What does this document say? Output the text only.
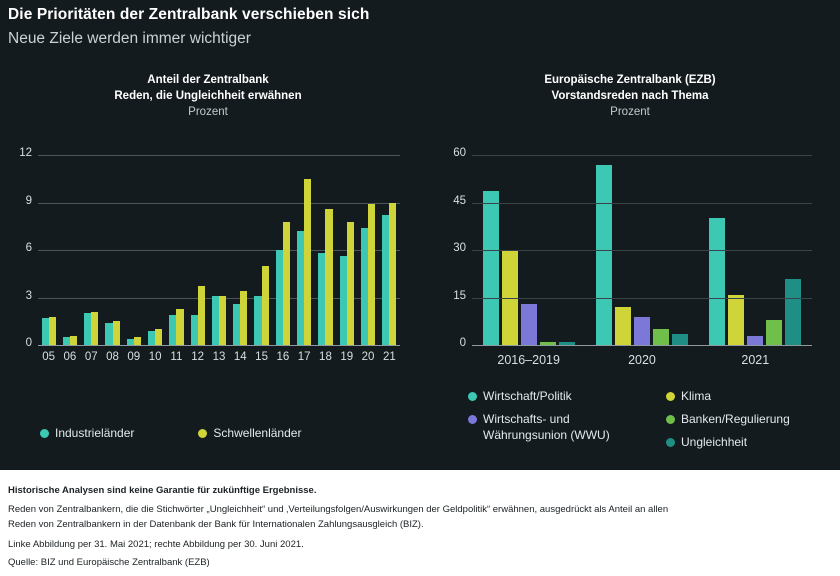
Die Prioritäten der Zentralbank verschieben sich
Neue Ziele werden immer wichtiger
Anteil der Zentralbank
Reden, die Ungleichheit erwähnen
Prozent
Europäische Zentralbank (EZB)
Vorstandsreden nach Thema
Prozent
0
3
6
9
12
05 06 07 08 09 10 11 12 13 14 15 16 17 18 19 20 21
0
15
30
45
60
2016–2019	2020	2021
Industrieländer	Schwellenländer
Wirtschaft/Politik
Wirtschafts- und
Währungsunion (WWU)
Klima
Banken/Regulierung
Ungleichheit
Historische Analysen sind keine Garantie für zukünftige Ergebnisse.
Reden von Zentralbankern, die die Stichwörter „Ungleichheit“ und ‚Verteilungsfolgen/Auswirkungen der Geldpolitik“ erwähnen, ausgedrückt als Anteil an allen
Reden von Zentralbankern in der Datenbank der Bank für Internationalen Zahlungsausgleich (BIZ).
Linke Abbildung per 31. Mai 2021; rechte Abbildung per 30. Juni 2021.
Quelle: BIZ und Europäische Zentralbank (EZB)
